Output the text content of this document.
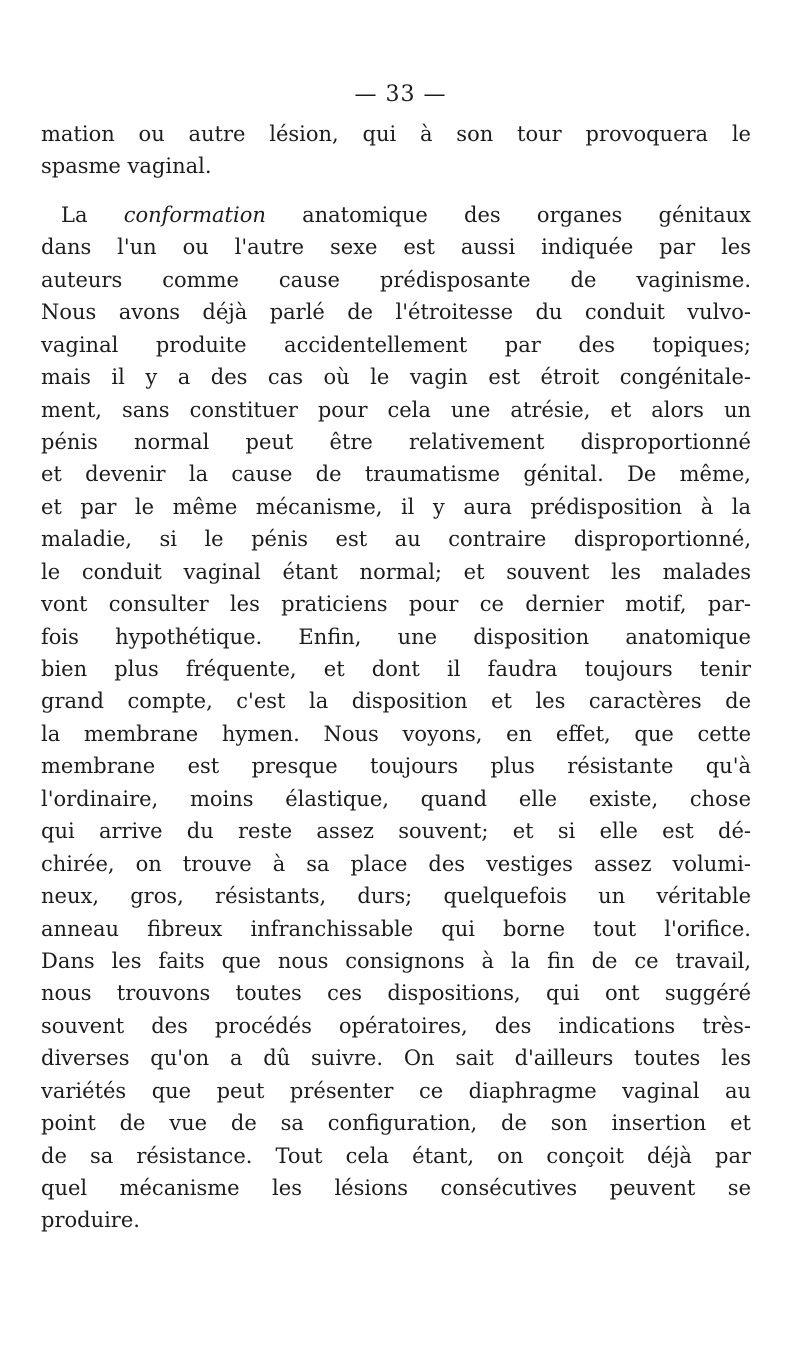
— 33 —
mation ou autre lésion, qui à son tour provoquera le
spasme vaginal.
La conformation anatomique des organes génitaux
dans l'un ou l'autre sexe est aussi indiquée par les
auteurs comme cause prédisposante de vaginisme.
Nous avons déjà parlé de l'étroitesse du conduit vulvo-
vaginal produite accidentellement par des topiques;
mais il y a des cas où le vagin est étroit congénitale-
ment, sans constituer pour cela une atrésie, et alors un
pénis normal peut être relativement disproportionné
et devenir la cause de traumatisme génital. De même,
et par le même mécanisme, il y aura prédisposition à la
maladie, si le pénis est au contraire disproportionné,
le conduit vaginal étant normal; et souvent les malades
vont consulter les praticiens pour ce dernier motif, par-
fois hypothétique. Enfin, une disposition anatomique
bien plus fréquente, et dont il faudra toujours tenir
grand compte, c'est la disposition et les caractères de
la membrane hymen. Nous voyons, en effet, que cette
membrane est presque toujours plus résistante qu'à
l'ordinaire, moins élastique, quand elle existe, chose
qui arrive du reste assez souvent; et si elle est dé-
chirée, on trouve à sa place des vestiges assez volumi-
neux, gros, résistants, durs; quelquefois un véritable
anneau fibreux infranchissable qui borne tout l'orifice.
Dans les faits que nous consignons à la fin de ce travail,
nous trouvons toutes ces dispositions, qui ont suggéré
souvent des procédés opératoires, des indications très-
diverses qu'on a dû suivre. On sait d'ailleurs toutes les
variétés que peut présenter ce diaphragme vaginal au
point de vue de sa configuration, de son insertion et
de sa résistance. Tout cela étant, on conçoit déjà par
quel mécanisme les lésions consécutives peuvent se
produire.
